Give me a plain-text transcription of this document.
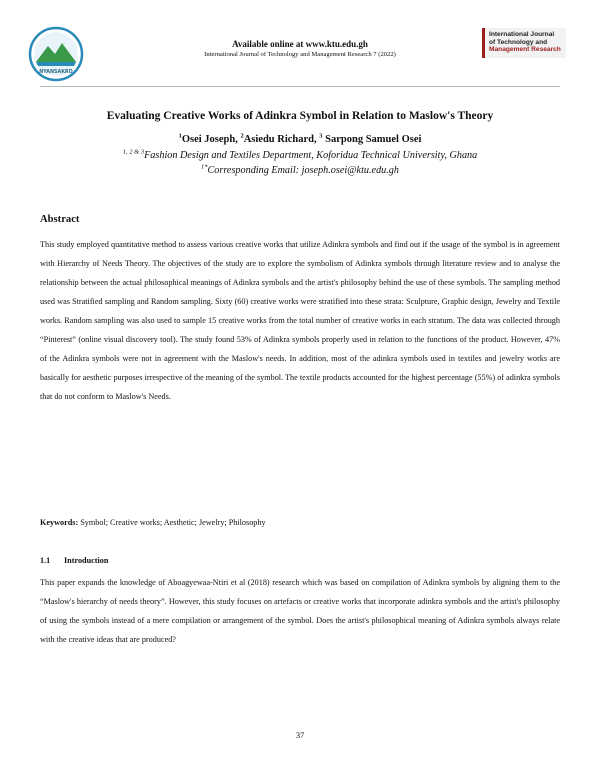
NYANSAKRO
Available online at www.ktu.edu.gh
International Journal of Technology and Management Research 7 (2022)
International Journal
of Technology and
Management Research
Evaluating Creative Works of Adinkra Symbol in Relation to Maslow's Theory
$^1$Osei Joseph, $^2$Asiedu Richard, $^3$ Sarpong Samuel Osei
$^{1, 2 \& 3}$Fashion Design and Textiles Department, Koforidua Technical University, Ghana
$^{1*}$Corresponding Email: joseph.osei@ktu.edu.gh
Abstract

This study employed quantitative method to assess various creative works that utilize Adinkra symbols and find out if the usage of the symbol is in agreement with Hierarchy of Needs Theory. The objectives of the study are to explore the symbolism of Adinkra symbols through literature review and to analyse the relationship between the actual philosophical meanings of Adinkra symbols and the artist's philosophy behind the use of these symbols. The sampling method used was Stratified sampling and Random sampling. Sixty (60) creative works were stratified into these strata: Sculpture, Graphic design, Jewelry and Textile works. Random sampling was also used to sample 15 creative works from the total number of creative works in each stratum. The data was collected through “Pinterest” (online visual discovery tool). The study found 53% of Adinkra symbols properly used in relation to the functions of the product. However, 47% of the Adinkra symbols were not in agreement with the Maslow's needs. In addition, most of the adinkra symbols used in textiles and jewelry works are basically for aesthetic purposes irrespective of the meaning of the symbol. The textile products accounted for the highest percentage (55%) of adinkra symbols that do not conform to Maslow's Needs.

Keywords: Symbol; Creative works; Aesthetic; Jewelry; Philosophy
1.1 Introduction

This paper expands the knowledge of Aboagyewaa-Ntiri et al (2018) research which was based on compilation of Adinkra symbols by aligning them to the “Maslow's hierarchy of needs theory”. However, this study focuses on artefacts or creative works that incorporate adinkra symbols and the artist's philosophy of using the symbols instead of a mere compilation or arrangement of the symbol. Does the artist's philosophical meaning of Adinkra symbols always relate with the creative ideas that are produced?

37
